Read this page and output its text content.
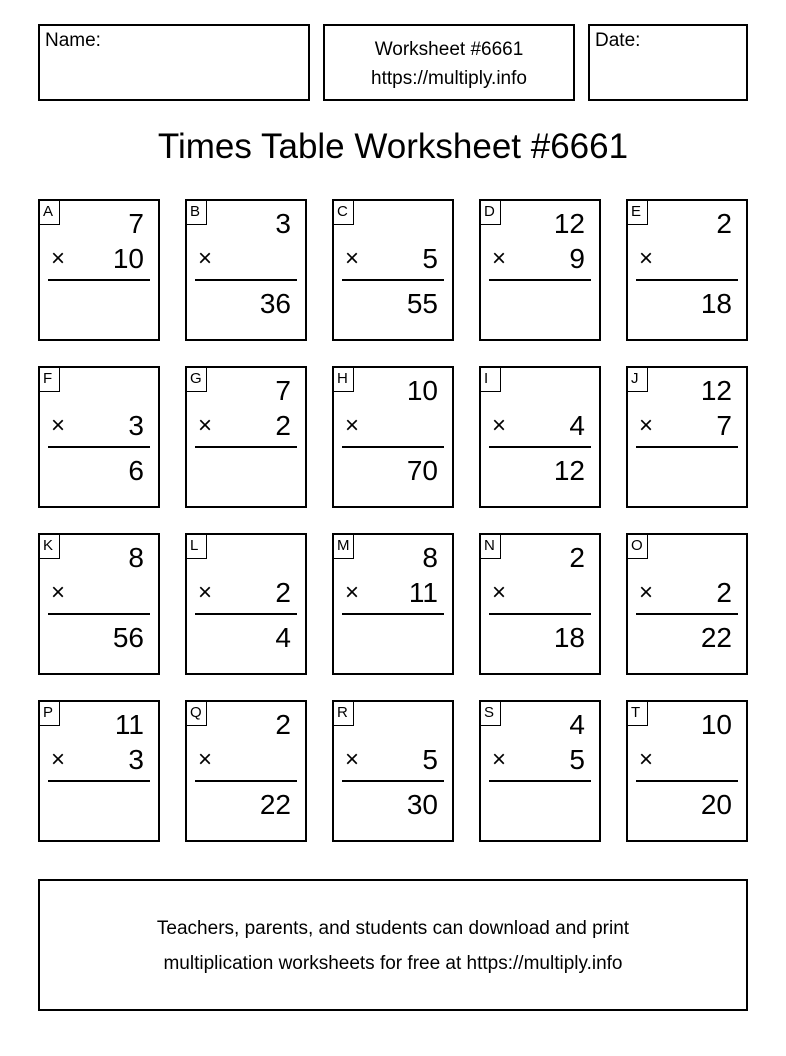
Name:	Worksheet #6661
https://multiply.info
Date:
Times Table Worksheet #6661
A	7
× 10
B	3
×
36
C
× 5
55
D 12
× 9
E	2
×
18
F
× 3
6
G	7
× 2
H 10
×
70
I
× 4
12
J	12
× 7
K	8
×
56
L
× 2
4
M	8
× 11
N	2
×
18
O
× 2
22
P 11
× 3
Q	2
×
22
R
× 5
30
S	4
× 5
T 10
×
20
Teachers, parents, and students can download and print
multiplication worksheets for free at https://multiply.info
